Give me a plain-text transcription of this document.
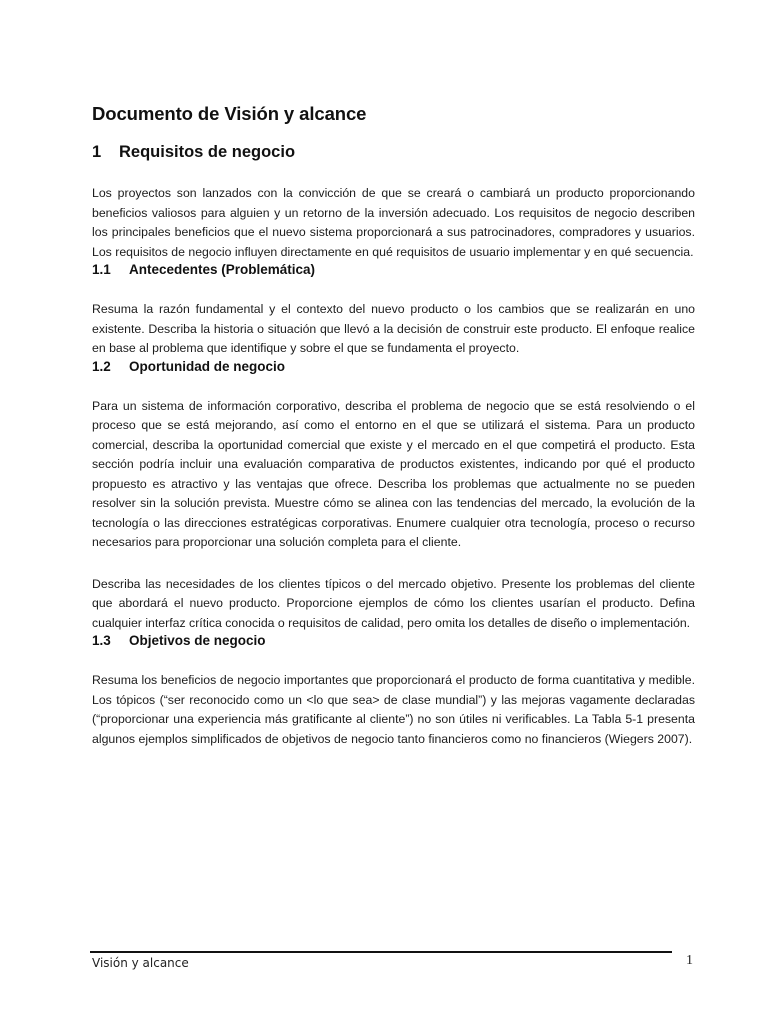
Documento de Visión y alcance
1 Requisitos de negocio

Los proyectos son lanzados con la convicción de que se creará o cambiará un producto proporcionando beneficios valiosos para alguien y un retorno de la inversión adecuado. Los requisitos de negocio describen los principales beneficios que el nuevo sistema proporcionará a sus patrocinadores, compradores y usuarios. Los requisitos de negocio influyen directamente en qué requisitos de usuario implementar y en qué secuencia.

1.1 Antecedentes (Problemática)

Resuma la razón fundamental y el contexto del nuevo producto o los cambios que se realizarán en uno existente. Describa la historia o situación que llevó a la decisión de construir este producto. El enfoque realice en base al problema que identifique y sobre el que se fundamenta el proyecto.

1.2 Oportunidad de negocio

Para un sistema de información corporativo, describa el problema de negocio que se está resolviendo o el proceso que se está mejorando, así como el entorno en el que se utilizará el sistema. Para un producto comercial, describa la oportunidad comercial que existe y el mercado en el que competirá el producto. Esta sección podría incluir una evaluación comparativa de productos existentes, indicando por qué el producto propuesto es atractivo y las ventajas que ofrece. Describa los problemas que actualmente no se pueden resolver sin la solución prevista. Muestre cómo se alinea con las tendencias del mercado, la evolución de la tecnología o las direcciones estratégicas corporativas. Enumere cualquier otra tecnología, proceso o recurso necesarios para proporcionar una solución completa para el cliente.

Describa las necesidades de los clientes típicos o del mercado objetivo. Presente los problemas del cliente que abordará el nuevo producto. Proporcione ejemplos de cómo los clientes usarían el producto. Defina cualquier interfaz crítica conocida o requisitos de calidad, pero omita los detalles de diseño o implementación.

1.3 Objetivos de negocio

Resuma los beneficios de negocio importantes que proporcionará el producto de forma cuantitativa y medible. Los tópicos (“ser reconocido como un <lo que sea> de clase mundial”) y las mejoras vagamente declaradas (“proporcionar una experiencia más gratificante al cliente”) no son útiles ni verificables. La Tabla 5-1 presenta algunos ejemplos simplificados de objetivos de negocio tanto financieros como no financieros (Wiegers 2007).

Visión y alcance	1
